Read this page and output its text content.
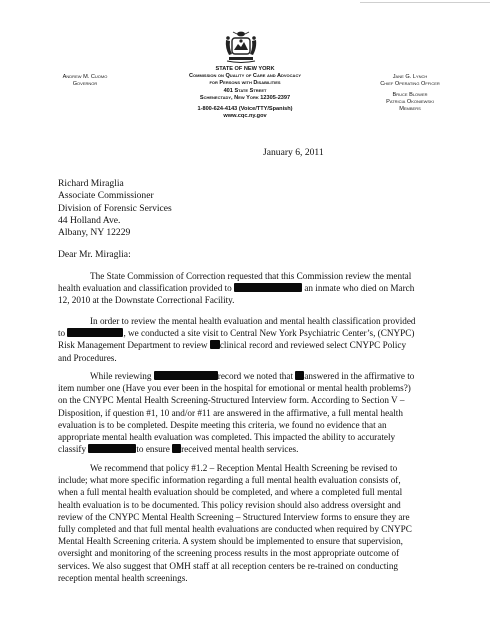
Andrew M. Cuomo
Governor
STATE OF NEW YORK
Commission on Quality of Care and Advocacy
for Persons with Disabilities
401 State Street
Schenectady, New York 12305-2397
1-800-624-4143 (Voice/TTY/Spanish)
www.cqc.ny.gov
Jane G. Lynch
Chief Operating Officer
Bruce Blower
Patricia Okoniewski
Members
January 6, 2011
Richard Miraglia
Associate Commissioner
Division of Forensic Services
44 Holland Ave.
Albany, NY 12229
Dear Mr. Miraglia:
The State Commission of Correction requested that this Commission review the mental
health evaluation and classification provided to	an inmate who died on March
12, 2010 at the Downstate Correctional Facility.
In order to review the mental health evaluation and mental health classification provided
to	, we conducted a site visit to Central New York Psychiatric Center’s, (CNYPC)
Risk Management Department to review clinical record and reviewed select CNYPC Policy
and Procedures.
While reviewing	record we noted that answered in the affirmative to
item number one (Have you ever been in the hospital for emotional or mental health problems?)
on the CNYPC Mental Health Screening-Structured Interview form. According to Section V –
Disposition, if question #1, 10 and/or #11 are answered in the affirmative, a full mental health
evaluation is to be completed. Despite meeting this criteria, we found no evidence that an
appropriate mental health evaluation was completed. This impacted the ability to accurately
classify	to ensure received mental health services.
We recommend that policy #1.2 – Reception Mental Health Screening be revised to
include; what more specific information regarding a full mental health evaluation consists of,
when a full mental health evaluation should be completed, and where a completed full mental
health evaluation is to be documented. This policy revision should also address oversight and
review of the CNYPC Mental Health Screening – Structured Interview forms to ensure they are
fully completed and that full mental health evaluations are conducted when required by CNYPC
Mental Health Screening criteria. A system should be implemented to ensure that supervision,
oversight and monitoring of the screening process results in the most appropriate outcome of
services. We also suggest that OMH staff at all reception centers be re-trained on conducting
reception mental health screenings.
